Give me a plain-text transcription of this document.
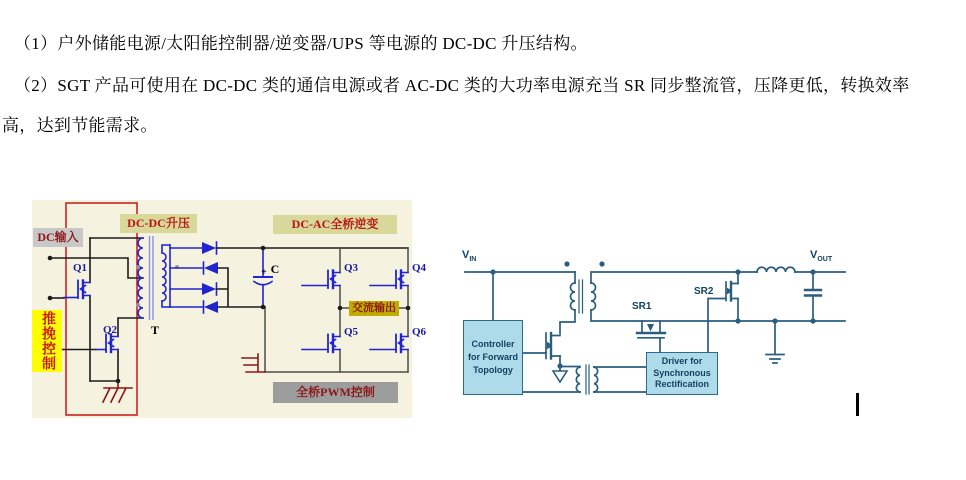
（1）户外储能电源/太阳能控制器/逆变器/UPS 等电源的 DC-DC 升压结构。
（2）SGT 产品可使用在 DC-DC 类的通信电源或者 AC-DC 类的大功率电源充当 SR 同步整流管，压降更低，转换效率
高，达到节能需求。
DC输入
DC-DC升压	DC-AC全桥逆变
推挽控制
交流输出
全桥PWM控制
Q1
Q2
Q3	Q4
Q5	Q6
T
+ C
$V_{IN}$	$V_{OUT}$
SR1
SR2
Controller for Forward Topology
Driver for Synchronous Rectification
